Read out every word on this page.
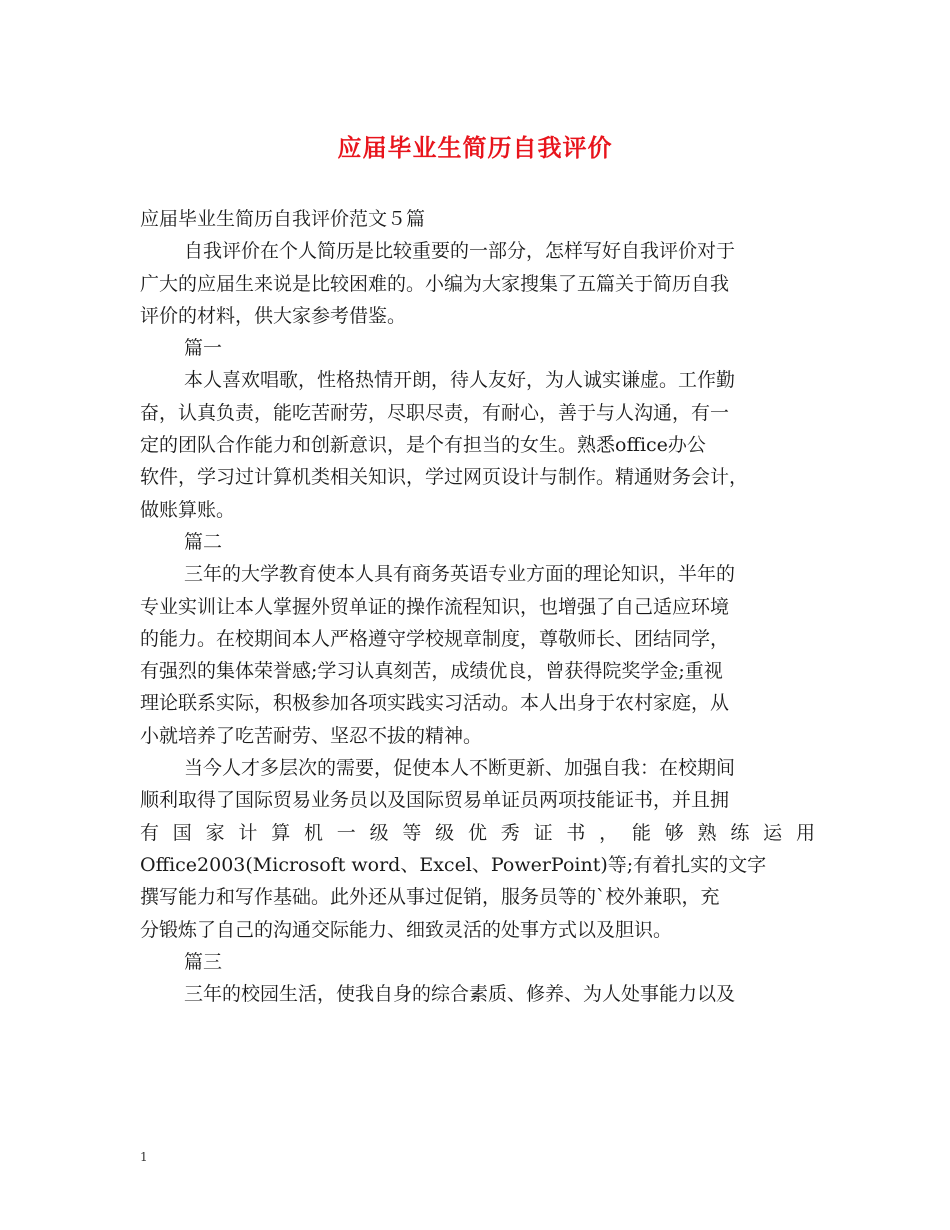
应届毕业生简历自我评价
应届毕业生简历自我评价范文５篇
自我评价在个人简历是比较重要的一部分，怎样写好自我评价对于
广大的应届生来说是比较困难的。小编为大家搜集了五篇关于简历自我
评价的材料，供大家参考借鉴。
篇一
本人喜欢唱歌，性格热情开朗，待人友好，为人诚实谦虚。工作勤
奋，认真负责，能吃苦耐劳，尽职尽责，有耐心，善于与人沟通，有一
定的团队合作能力和创新意识，是个有担当的女生。熟悉office办公
软件，学习过计算机类相关知识，学过网页设计与制作。精通财务会计，
做账算账。
篇二
三年的大学教育使本人具有商务英语专业方面的理论知识，半年的
专业实训让本人掌握外贸单证的操作流程知识，也增强了自己适应环境
的能力。在校期间本人严格遵守学校规章制度，尊敬师长、团结同学，
有强烈的集体荣誉感;学习认真刻苦，成绩优良，曾获得院奖学金;重视
理论联系实际，积极参加各项实践实习活动。本人出身于农村家庭，从
小就培养了吃苦耐劳、坚忍不拔的精神。
当今人才多层次的需要，促使本人不断更新、加强自我：在校期间
顺利取得了国际贸易业务员以及国际贸易单证员两项技能证书，并且拥
有 国 家 计 算 机 一 级 等 级 优 秀 证 书 ， 能 够 熟 练 运 用
Office2003(Microsoft word、Excel、PowerPoint)等;有着扎实的文字
撰写能力和写作基础。此外还从事过促销，服务员等的`校外兼职，充
分锻炼了自己的沟通交际能力、细致灵活的处事方式以及胆识。
篇三
三年的校园生活，使我自身的综合素质、修养、为人处事能力以及
1
